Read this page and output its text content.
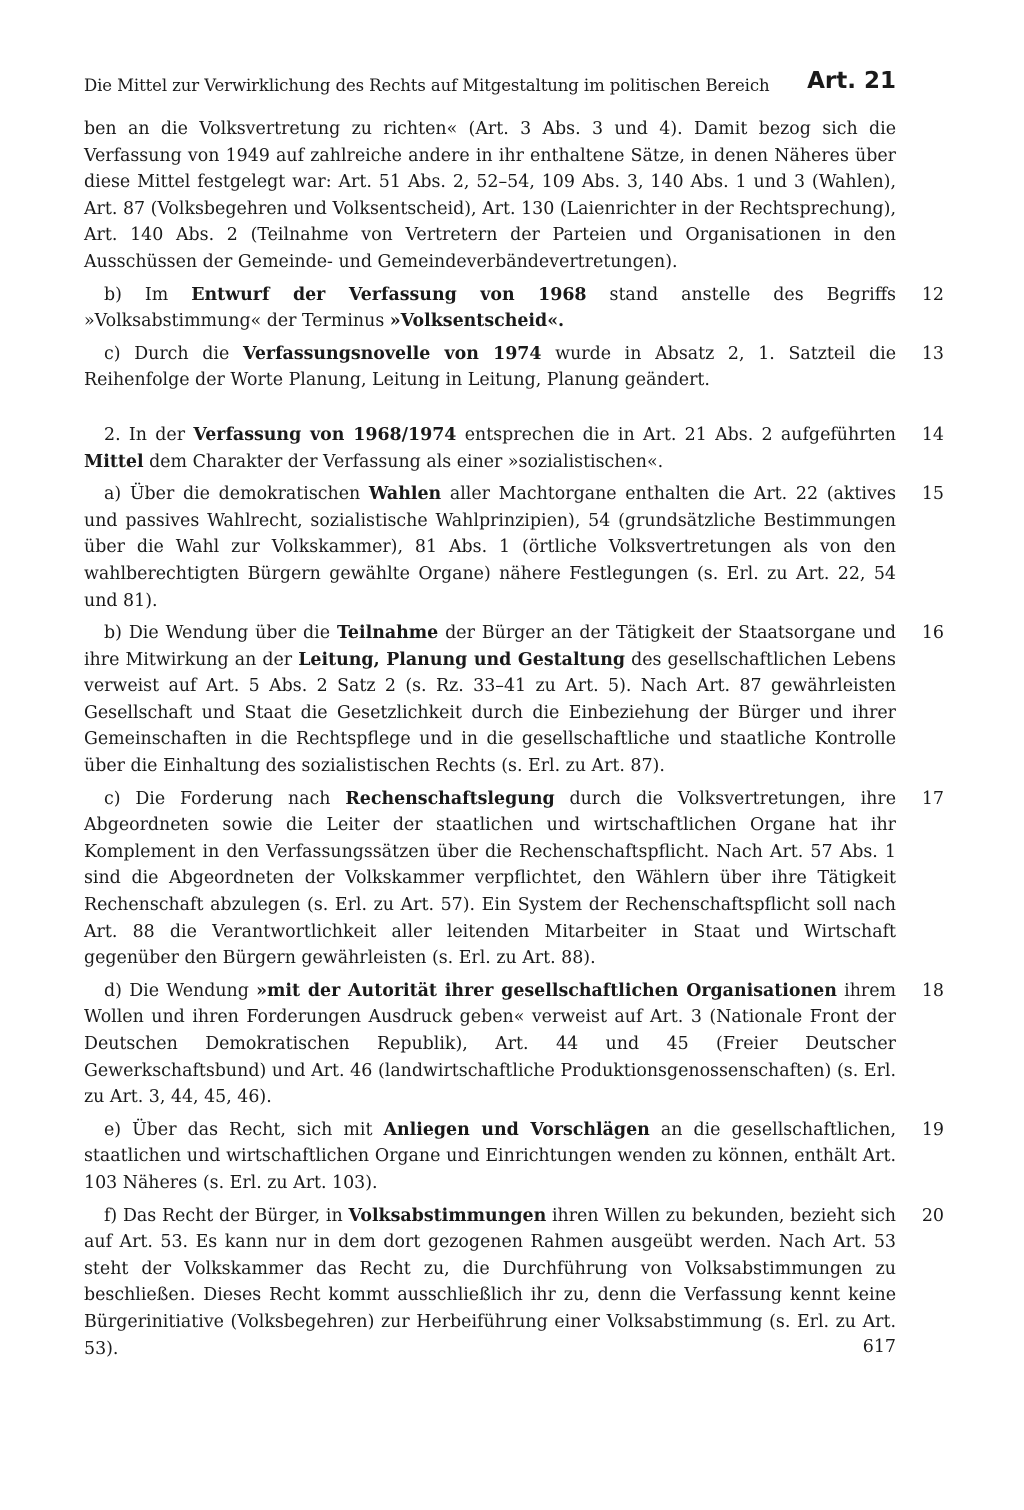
Die Mittel zur Verwirklichung des Rechts auf Mitgestaltung im politischen Bereich Art. 21

ben an die Volksvertretung zu richten« (Art. 3 Abs. 3 und 4). Damit bezog sich die Verfassung von 1949 auf zahlreiche andere in ihr enthaltene Sätze, in denen Näheres über diese Mittel festgelegt war: Art. 51 Abs. 2, 52–54, 109 Abs. 3, 140 Abs. 1 und 3 (Wahlen), Art. 87 (Volksbegehren und Volksentscheid), Art. 130 (Laienrichter in der Rechtsprechung), Art. 140 Abs. 2 (Teilnahme von Vertretern der Parteien und Organisationen in den Ausschüssen der Gemeinde- und Gemeindeverbändevertretungen).

b) Im Entwurf der Verfassung von 1968 stand anstelle des Begriffs »Volksabstimmung« der Terminus »Volksentscheid«.
12

c) Durch die Verfassungsnovelle von 1974 wurde in Absatz 2, 1. Satzteil die Reihenfolge der Worte Planung, Leitung in Leitung, Planung geändert.
13

2. In der Verfassung von 1968/1974 entsprechen die in Art. 21 Abs. 2 aufgeführten Mittel dem Charakter der Verfassung als einer »sozialistischen«.
14

a) Über die demokratischen Wahlen aller Machtorgane enthalten die Art. 22 (aktives und passives Wahlrecht, sozialistische Wahlprinzipien), 54 (grundsätzliche Bestimmungen über die Wahl zur Volkskammer), 81 Abs. 1 (örtliche Volksvertretungen als von den wahlberechtigten Bürgern gewählte Organe) nähere Festlegungen (s. Erl. zu Art. 22, 54 und 81).
15

b) Die Wendung über die Teilnahme der Bürger an der Tätigkeit der Staatsorgane und ihre Mitwirkung an der Leitung, Planung und Gestaltung des gesellschaftlichen Lebens verweist auf Art. 5 Abs. 2 Satz 2 (s. Rz. 33–41 zu Art. 5). Nach Art. 87 gewährleisten Gesellschaft und Staat die Gesetzlichkeit durch die Einbeziehung der Bürger und ihrer Gemeinschaften in die Rechtspflege und in die gesellschaftliche und staatliche Kontrolle über die Einhaltung des sozialistischen Rechts (s. Erl. zu Art. 87).
16

c) Die Forderung nach Rechenschaftslegung durch die Volksvertretungen, ihre Abgeordneten sowie die Leiter der staatlichen und wirtschaftlichen Organe hat ihr Komplement in den Verfassungssätzen über die Rechenschaftspflicht. Nach Art. 57 Abs. 1 sind die Abgeordneten der Volkskammer verpflichtet, den Wählern über ihre Tätigkeit Rechenschaft abzulegen (s. Erl. zu Art. 57). Ein System der Rechenschaftspflicht soll nach Art. 88 die Verantwortlichkeit aller leitenden Mitarbeiter in Staat und Wirtschaft gegenüber den Bürgern gewährleisten (s. Erl. zu Art. 88).
17

d) Die Wendung »mit der Autorität ihrer gesellschaftlichen Organisationen ihrem Wollen und ihren Forderungen Ausdruck geben« verweist auf Art. 3 (Nationale Front der Deutschen Demokratischen Republik), Art. 44 und 45 (Freier Deutscher Gewerkschaftsbund) und Art. 46 (landwirtschaftliche Produktionsgenossenschaften) (s. Erl. zu Art. 3, 44, 45, 46).
18

e) Über das Recht, sich mit Anliegen und Vorschlägen an die gesellschaftlichen, staatlichen und wirtschaftlichen Organe und Einrichtungen wenden zu können, enthält Art. 103 Näheres (s. Erl. zu Art. 103).
19

f) Das Recht der Bürger, in Volksabstimmungen ihren Willen zu bekunden, bezieht sich auf Art. 53. Es kann nur in dem dort gezogenen Rahmen ausgeübt werden. Nach Art. 53 steht der Volkskammer das Recht zu, die Durchführung von Volksabstimmungen zu beschließen. Dieses Recht kommt ausschließlich ihr zu, denn die Verfassung kennt keine Bürgerinitiative (Volksbegehren) zur Herbeiführung einer Volksabstimmung (s. Erl. zu Art. 53).
20

617
